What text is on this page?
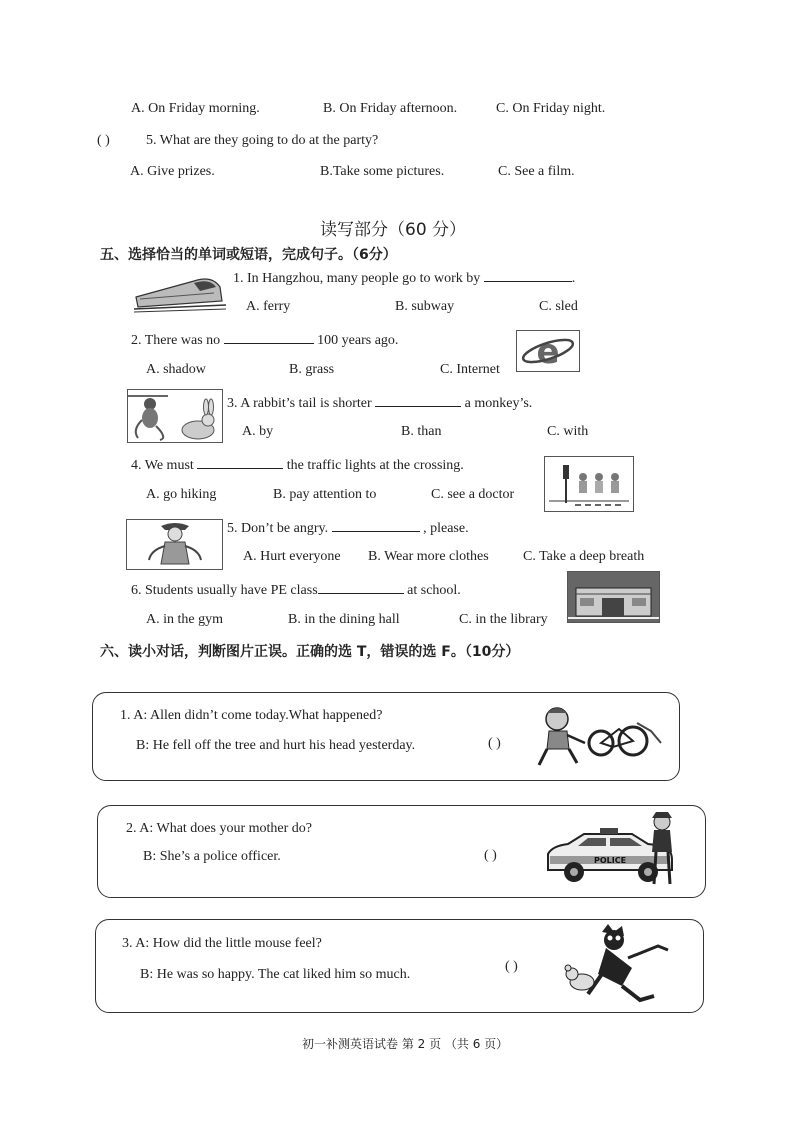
A. On Friday morning.	B. On Friday afternoon.	C. On Friday night.
( )	5. What are they going to do at the party?
A. Give prizes.	B.Take some pictures.	C. See a film.
读写部分（60 分）
五、选择恰当的单词或短语，完成句子。（6分）
1. In Hangzhou, many people go to work by	.
A. ferry	B. subway	C. sled
2. There was no	100 years ago.	e
A. shadow	B. grass	C. Internet
3. A rabbit’s tail is shorter	a monkey’s.
A. by	B. than	C. with
4. We must	the traffic lights at the crossing.
A. go hiking	B. pay attention to	C. see a doctor
5. Don’t be angry.	, please.
A. Hurt everyone B. Wear more clothes C. Take a deep breath
6. Students usually have PE class	at school.
A. in the gym	B. in the dining hall	C. in the library
六、读小对话，判断图片正误。正确的选 T，错误的选 F。（10分）
1. A: Allen didn’t come today.What happened?
B: He fell off the tree and hurt his head yesterday.	( )
2. A: What does your mother do?
B: She’s a police officer.	( )	POLICE
3. A: How did the little mouse feel?
B: He was so happy. The cat liked him so much.
( )
初一补测英语试卷 第 2 页 （共 6 页）
